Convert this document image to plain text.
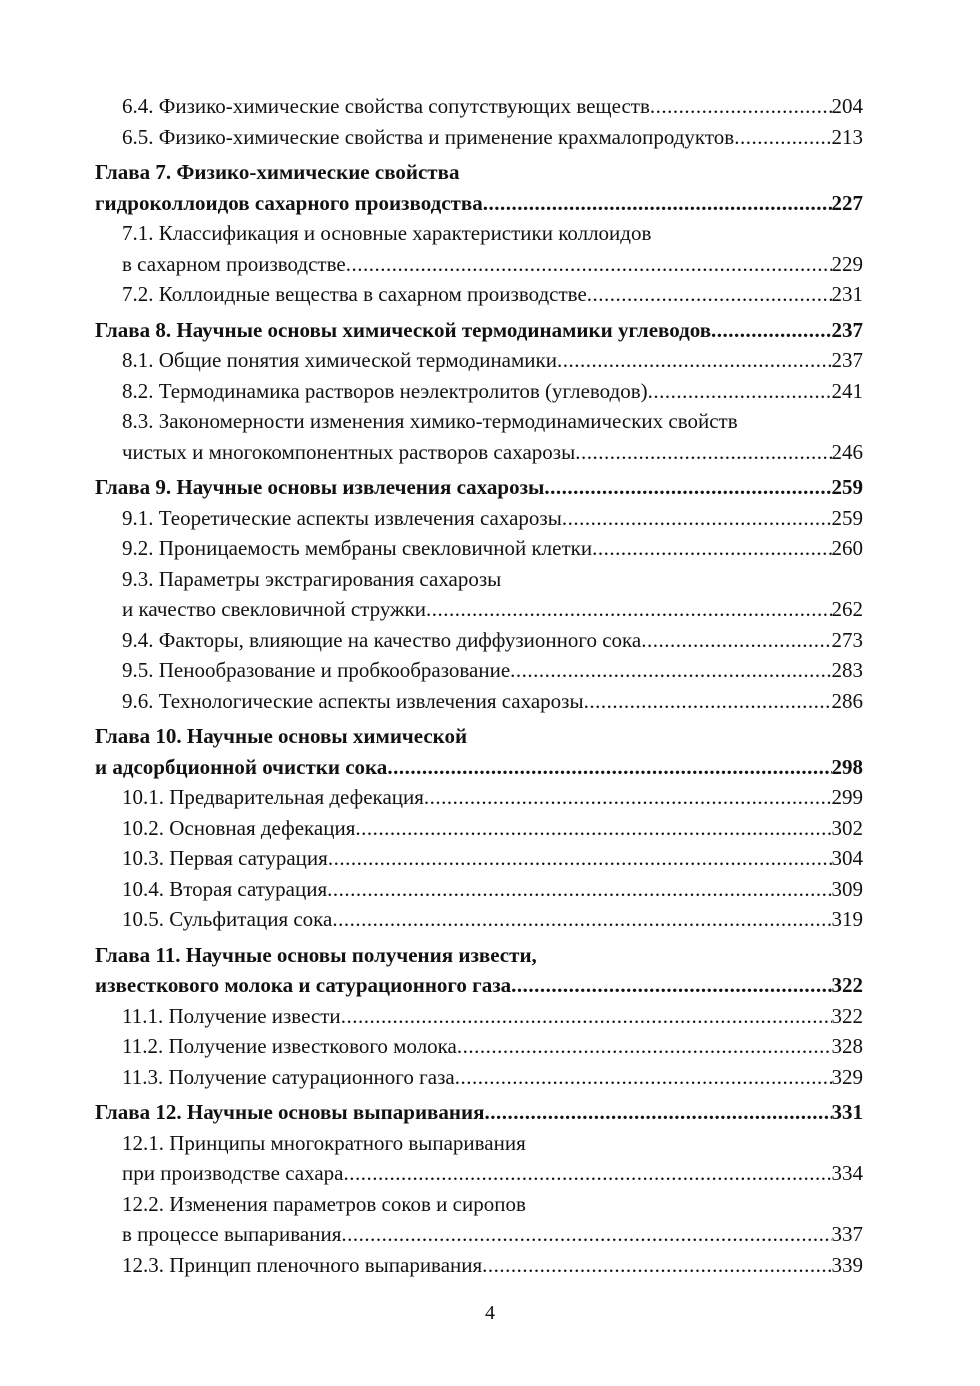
6.4. Физико-химические свойства сопутствующих веществ .....	204
6.5. Физико-химические свойства и применение крахмалопродуктов .....	213
Глава 7. Физико-химические свойства
гидроколлоидов сахарного производства .....	227
7.1. Классификация и основные характеристики коллоидов
в сахарном производстве .....	229
7.2. Коллоидные вещества в сахарном производстве .....	231
Глава 8. Научные основы химической термодинамики углеводов .....	237
8.1. Общие понятия химической термодинамики .....	237
8.2. Термодинамика растворов неэлектролитов (углеводов) .....	241
8.3. Закономерности изменения химико-термодинамических свойств
чистых и многокомпонентных растворов сахарозы .....	246
Глава 9. Научные основы извлечения сахарозы .....	259
9.1. Теоретические аспекты извлечения сахарозы .....	259
9.2. Проницаемость мембраны свекловичной клетки .....	260
9.3. Параметры экстрагирования сахарозы
и качество свекловичной стружки .....	262
9.4. Факторы, влияющие на качество диффузионного сока .....	273
9.5. Пенообразование и пробкообразование .....	283
9.6. Технологические аспекты извлечения сахарозы .....	286
Глава 10. Научные основы химической
и адсорбционной очистки сока .....	298
10.1. Предварительная дефекация .....	299
10.2. Основная дефекация .....	302
10.3. Первая сатурация .....	304
10.4. Вторая сатурация .....	309
10.5. Сульфитация сока .....	319
Глава 11. Научные основы получения извести,
известкового молока и сатурационного газа .....	322
11.1. Получение извести .....	322
11.2. Получение известкового молока .....	328
11.3. Получение сатурационного газа .....	329
Глава 12. Научные основы выпаривания .....	331
12.1. Принципы многократного выпаривания
при производстве сахара .....	334
12.2. Изменения параметров соков и сиропов
в процессе выпаривания .....	337
12.3. Принцип пленочного выпаривания .....	339
4
